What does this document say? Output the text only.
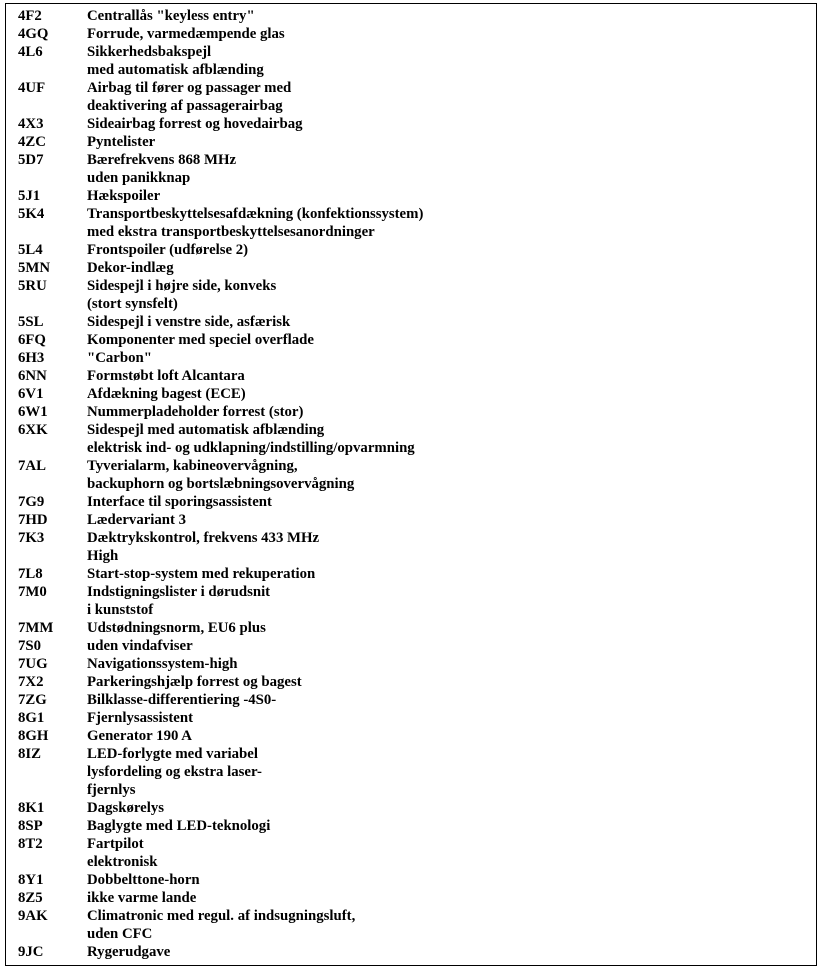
4F2	Centrallås "keyless entry"
4GQ	Forrude, varmedæmpende glas
4L6	Sikkerhedsbakspejl
med automatisk afblænding
4UF	Airbag til fører og passager med
deaktivering af passagerairbag
4X3	Sideairbag forrest og hovedairbag
4ZC	Pyntelister
5D7	Bærefrekvens 868 MHz
uden panikknap
5J1	Hækspoiler
5K4	Transportbeskyttelsesafdækning (konfektionssystem)
med ekstra transportbeskyttelsesanordninger
5L4	Frontspoiler (udførelse 2)
5MN	Dekor-indlæg
5RU	Sidespejl i højre side, konveks
(stort synsfelt)
5SL	Sidespejl i venstre side, asfærisk
6FQ	Komponenter med speciel overflade
6H3	"Carbon"
6NN	Formstøbt loft Alcantara
6V1	Afdækning bagest (ECE)
6W1	Nummerpladeholder forrest (stor)
6XK	Sidespejl med automatisk afblænding
elektrisk ind- og udklapning/indstilling/opvarmning
7AL	Tyverialarm, kabineovervågning,
backuphorn og bortslæbningsovervågning
7G9	Interface til sporingsassistent
7HD	Lædervariant 3
7K3	Dæktrykskontrol, frekvens 433 MHz
High
7L8	Start-stop-system med rekuperation
7M0	Indstigningslister i dørudsnit
i kunststof
7MM	Udstødningsnorm, EU6 plus
7S0	uden vindafviser
7UG	Navigationssystem-high
7X2	Parkeringshjælp forrest og bagest
7ZG	Bilklasse-differentiering -4S0-
8G1	Fjernlysassistent
8GH	Generator 190 A
8IZ	LED-forlygte med variabel
lysfordeling og ekstra laser-
fjernlys
8K1	Dagskørelys
8SP	Baglygte med LED-teknologi
8T2	Fartpilot
elektronisk
8Y1	Dobbelttone-horn
8Z5	ikke varme lande
9AK	Climatronic med regul. af indsugningsluft,
uden CFC
9JC	Rygerudgave
